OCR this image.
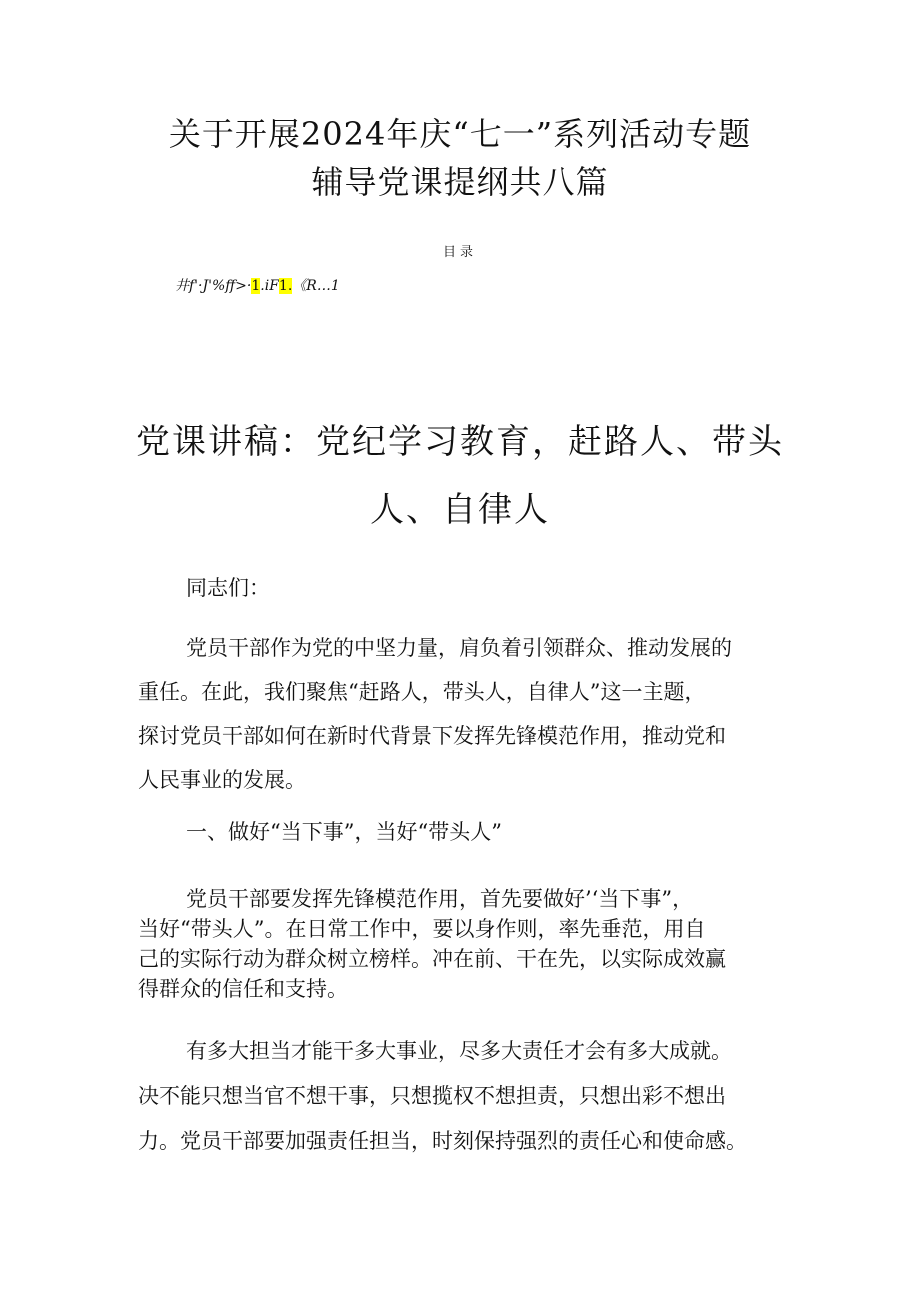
关于开展2024年庆“七一”系列活动专题
辅导党课提纲共八篇
目录
井f'·J'%ff>·1.iF1.《R…1
党课讲稿：党纪学习教育，赶路人、带头
人、自律人
同志们：
党员干部作为党的中坚力量，肩负着引领群众、推动发展的
重任。在此，我们聚焦“赶路人，带头人，自律人”这一主题，
探讨党员干部如何在新时代背景下发挥先锋模范作用，推动党和
人民事业的发展。
一、做好“当下事”，当好“带头人”
党员干部要发挥先锋模范作用，首先要做好’‘当下事”，
当好“带头人”。在日常工作中，要以身作则，率先垂范，用自
己的实际行动为群众树立榜样。冲在前、干在先，以实际成效赢
得群众的信任和支持。
有多大担当才能干多大事业，尽多大责任才会有多大成就。
决不能只想当官不想干事，只想揽权不想担责，只想出彩不想出
力。党员干部要加强责任担当，时刻保持强烈的责任心和使命感。
